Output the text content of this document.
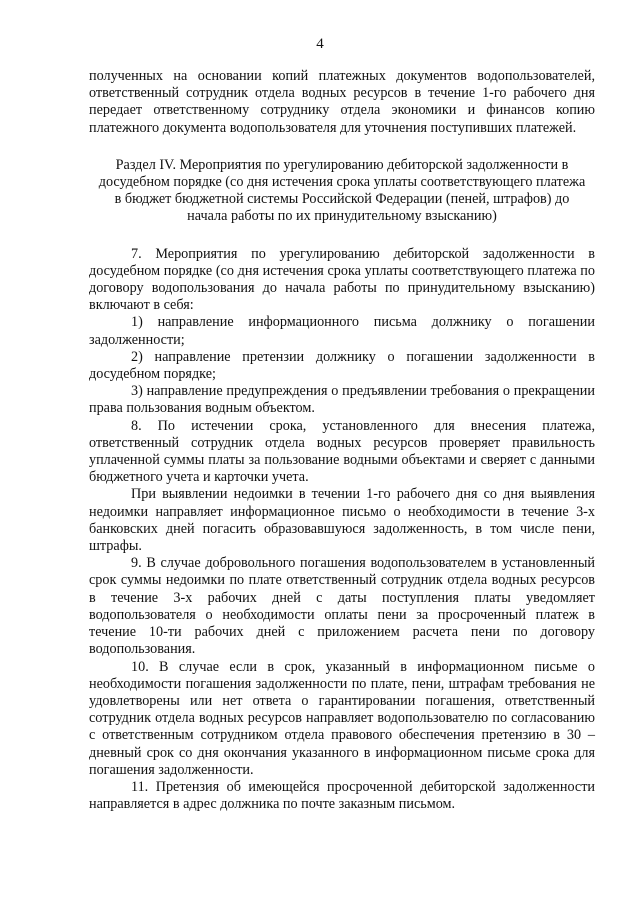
4

полученных на основании копий платежных документов водопользователей, ответственный сотрудник отдела водных ресурсов в течение 1-го рабочего дня передает ответственному сотруднику отдела экономики и финансов копию платежного документа водопользователя для уточнения поступивших платежей.

Раздел IV. Мероприятия по урегулированию дебиторской задолженности в досудебном порядке (со дня истечения срока уплаты соответствующего платежа в бюджет бюджетной системы Российской Федерации (пеней, штрафов) до начала работы по их принудительному взысканию)

7. Мероприятия по урегулированию дебиторской задолженности в досудебном порядке (со дня истечения срока уплаты соответствующего платежа по договору водопользования до начала работы по принудительному взысканию) включают в себя:

1) направление информационного письма должнику о погашении задолженности;

2) направление претензии должнику о погашении задолженности в досудебном порядке;

3) направление предупреждения о предъявлении требования о прекращении права пользования водным объектом.

8. По истечении срока, установленного для внесения платежа, ответственный сотрудник отдела водных ресурсов проверяет правильность уплаченной суммы платы за пользование водными объектами и сверяет с данными бюджетного учета и карточки учета.

При выявлении недоимки в течении 1-го рабочего дня со дня выявления недоимки направляет информационное письмо о необходимости в течение 3-х банковских дней погасить образовавшуюся задолженность, в том числе пени, штрафы.

9. В случае добровольного погашения водопользователем в установленный срок суммы недоимки по плате ответственный сотрудник отдела водных ресурсов в течение 3-х рабочих дней с даты поступления платы уведомляет водопользователя о необходимости оплаты пени за просроченный платеж в течение 10-ти рабочих дней с приложением расчета пени по договору водопользования.

10. В случае если в срок, указанный в информационном письме о необходимости погашения задолженности по плате, пени, штрафам требования не удовлетворены или нет ответа о гарантировании погашения, ответственный сотрудник отдела водных ресурсов направляет водопользователю по согласованию с ответственным сотрудником отдела правового обеспечения претензию в 30 – дневный срок со дня окончания указанного в информационном письме срока для погашения задолженности.

11. Претензия об имеющейся просроченной дебиторской задолженности направляется в адрес должника по почте заказным письмом.
